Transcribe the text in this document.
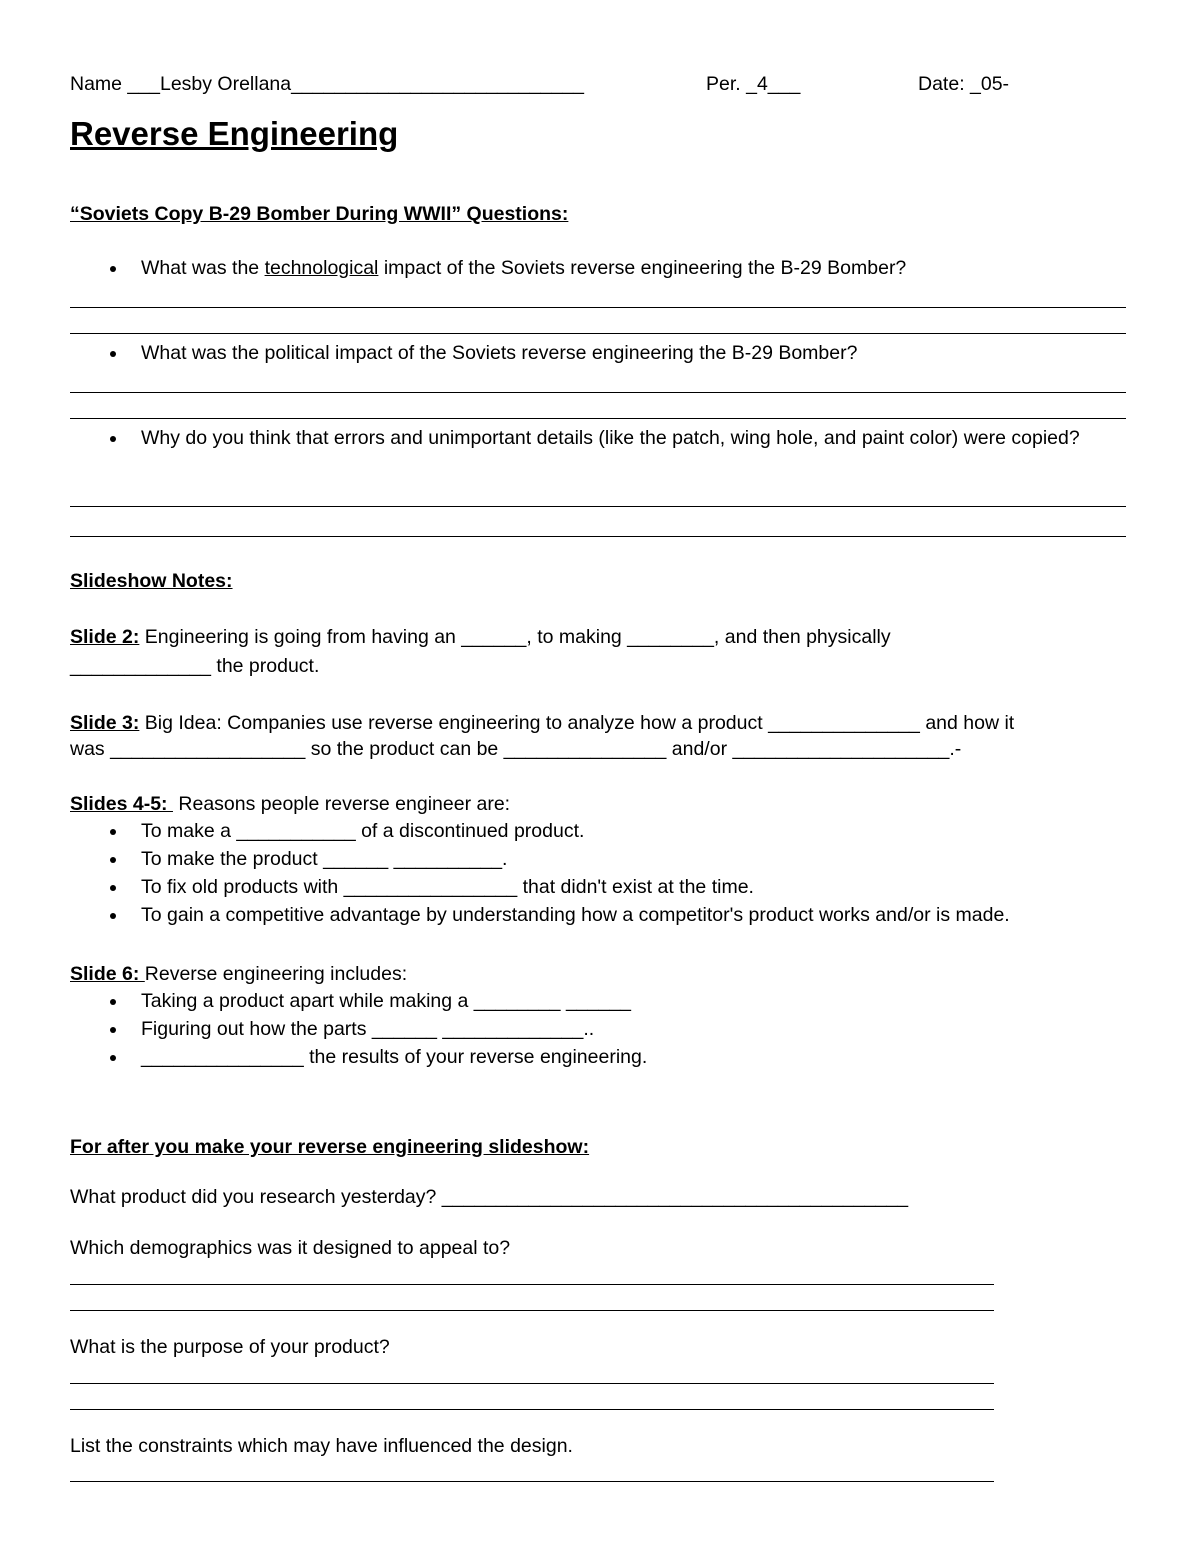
Name ___Lesby Orellana___________________________	Per. _4___	Date: _05-
Reverse Engineering
“Soviets Copy B-29 Bomber During WWII” Questions:
What was the technological impact of the Soviets reverse engineering the B-29 Bomber?
What was the political impact of the Soviets reverse engineering the B-29 Bomber?
Why do you think that errors and unimportant details (like the patch, wing hole, and paint color) were copied?
Slideshow Notes:
Slide 2: Engineering is going from having an ______, to making ________, and then physically
_____________ the product.
Slide 3: Big Idea: Companies use reverse engineering to analyze how a product ______________ and how it
was __________________ so the product can be _______________ and/or ____________________.-
Slides 4-5:  Reasons people reverse engineer are:
To make a ___________ of a discontinued product.
To make the product ______ __________.
To fix old products with ________________ that didn't exist at the time.
To gain a competitive advantage by understanding how a competitor's product works and/or is made.
Slide 6: Reverse engineering includes:
Taking a product apart while making a ________ ______
Figuring out how the parts ______ _____________..
_______________ the results of your reverse engineering.
For after you make your reverse engineering slideshow:
What product did you research yesterday? ___________________________________________
Which demographics was it designed to appeal to?
What is the purpose of your product?
List the constraints which may have influenced the design.
